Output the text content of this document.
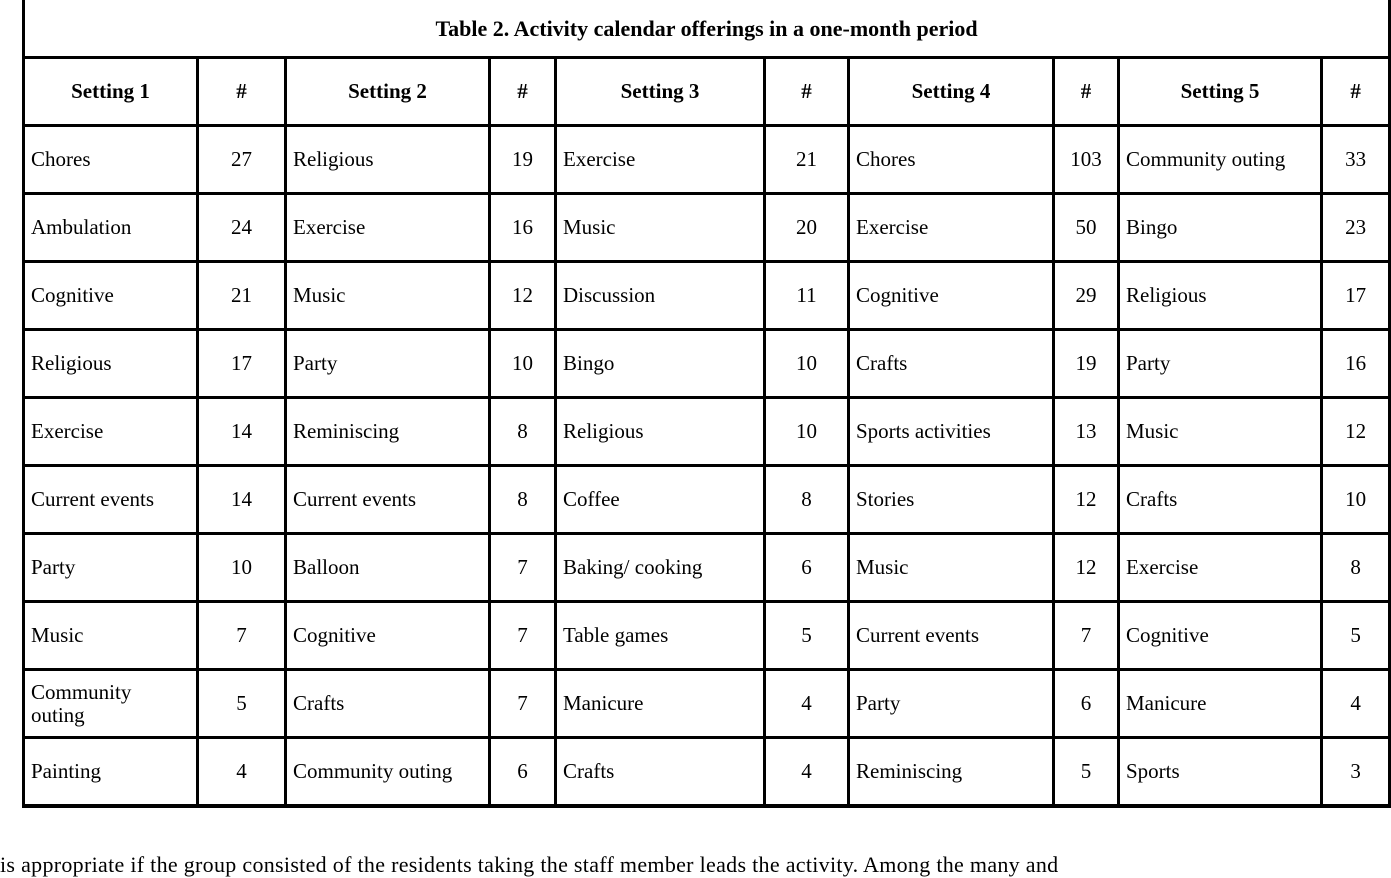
Table 2. Activity calendar offerings in a one-month period									
Setting 1	#	Setting 2	#	Setting 3	#	Setting 4	#	Setting 5	#
Chores	27	Religious	19	Exercise	21	Chores	103	Community outing	33
Ambulation	24	Exercise	16	Music	20	Exercise	50	Bingo	23
Cognitive	21	Music	12	Discussion	11	Cognitive	29	Religious	17
Religious	17	Party	10	Bingo	10	Crafts	19	Party	16
Exercise	14	Reminiscing	8	Religious	10	Sports activities	13	Music	12
Current events	14	Current events	8	Coffee	8	Stories	12	Crafts	10
Party	10	Balloon	7	Baking/ cooking	6	Music	12	Exercise	8
Music	7	Cognitive	7	Table games	5	Current events	7	Cognitive	5
Community outing	5	Crafts	7	Manicure	4	Party	6	Manicure	4
Painting	4	Community outing	6	Crafts	4	Reminiscing	5	Sports	3
is appropriate if the group consisted of the residents taking the staff member leads the activity. Among the many and
